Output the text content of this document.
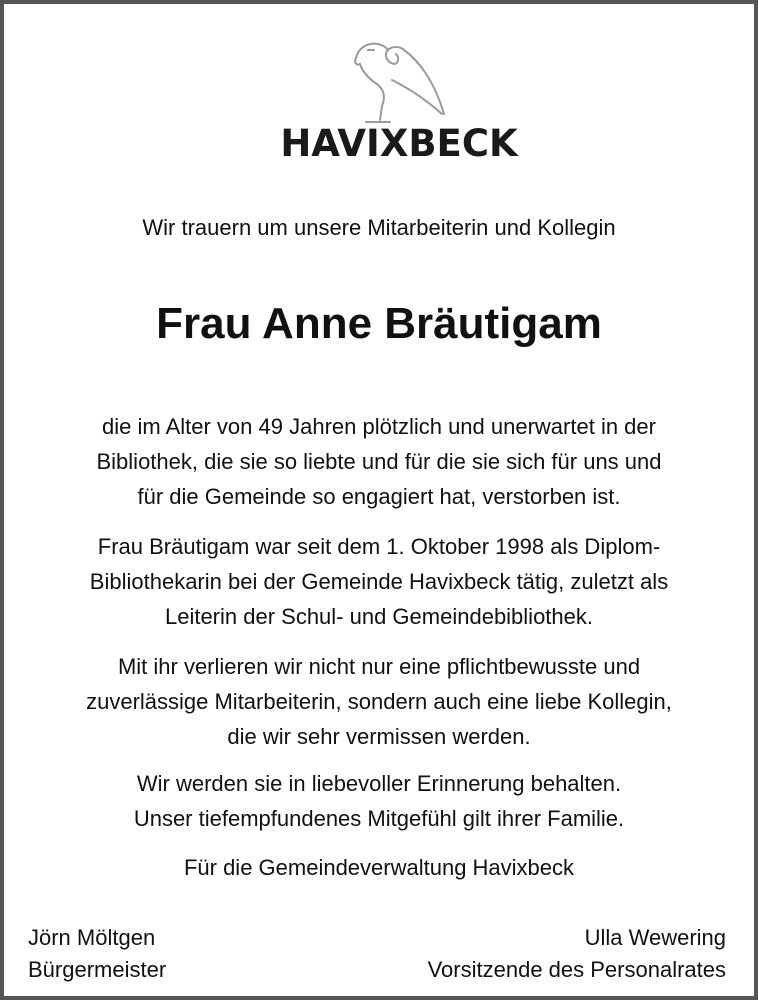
HAVIXBECK
Wir trauern um unsere Mitarbeiterin und Kollegin
Frau Anne Bräutigam
die im Alter von 49 Jahren plötzlich und unerwartet in der
Bibliothek, die sie so liebte und für die sie sich für uns und
für die Gemeinde so engagiert hat, verstorben ist.
Frau Bräutigam war seit dem 1. Oktober 1998 als Diplom-
Bibliothekarin bei der Gemeinde Havixbeck tätig, zuletzt als
Leiterin der Schul- und Gemeindebibliothek.
Mit ihr verlieren wir nicht nur eine pflichtbewusste und
zuverlässige Mitarbeiterin, sondern auch eine liebe Kollegin,
die wir sehr vermissen werden.
Wir werden sie in liebevoller Erinnerung behalten.
Unser tiefempfundenes Mitgefühl gilt ihrer Familie.
Für die Gemeindeverwaltung Havixbeck
Jörn Möltgen
Bürgermeister
Ulla Wewering
Vorsitzende des Personalrates
